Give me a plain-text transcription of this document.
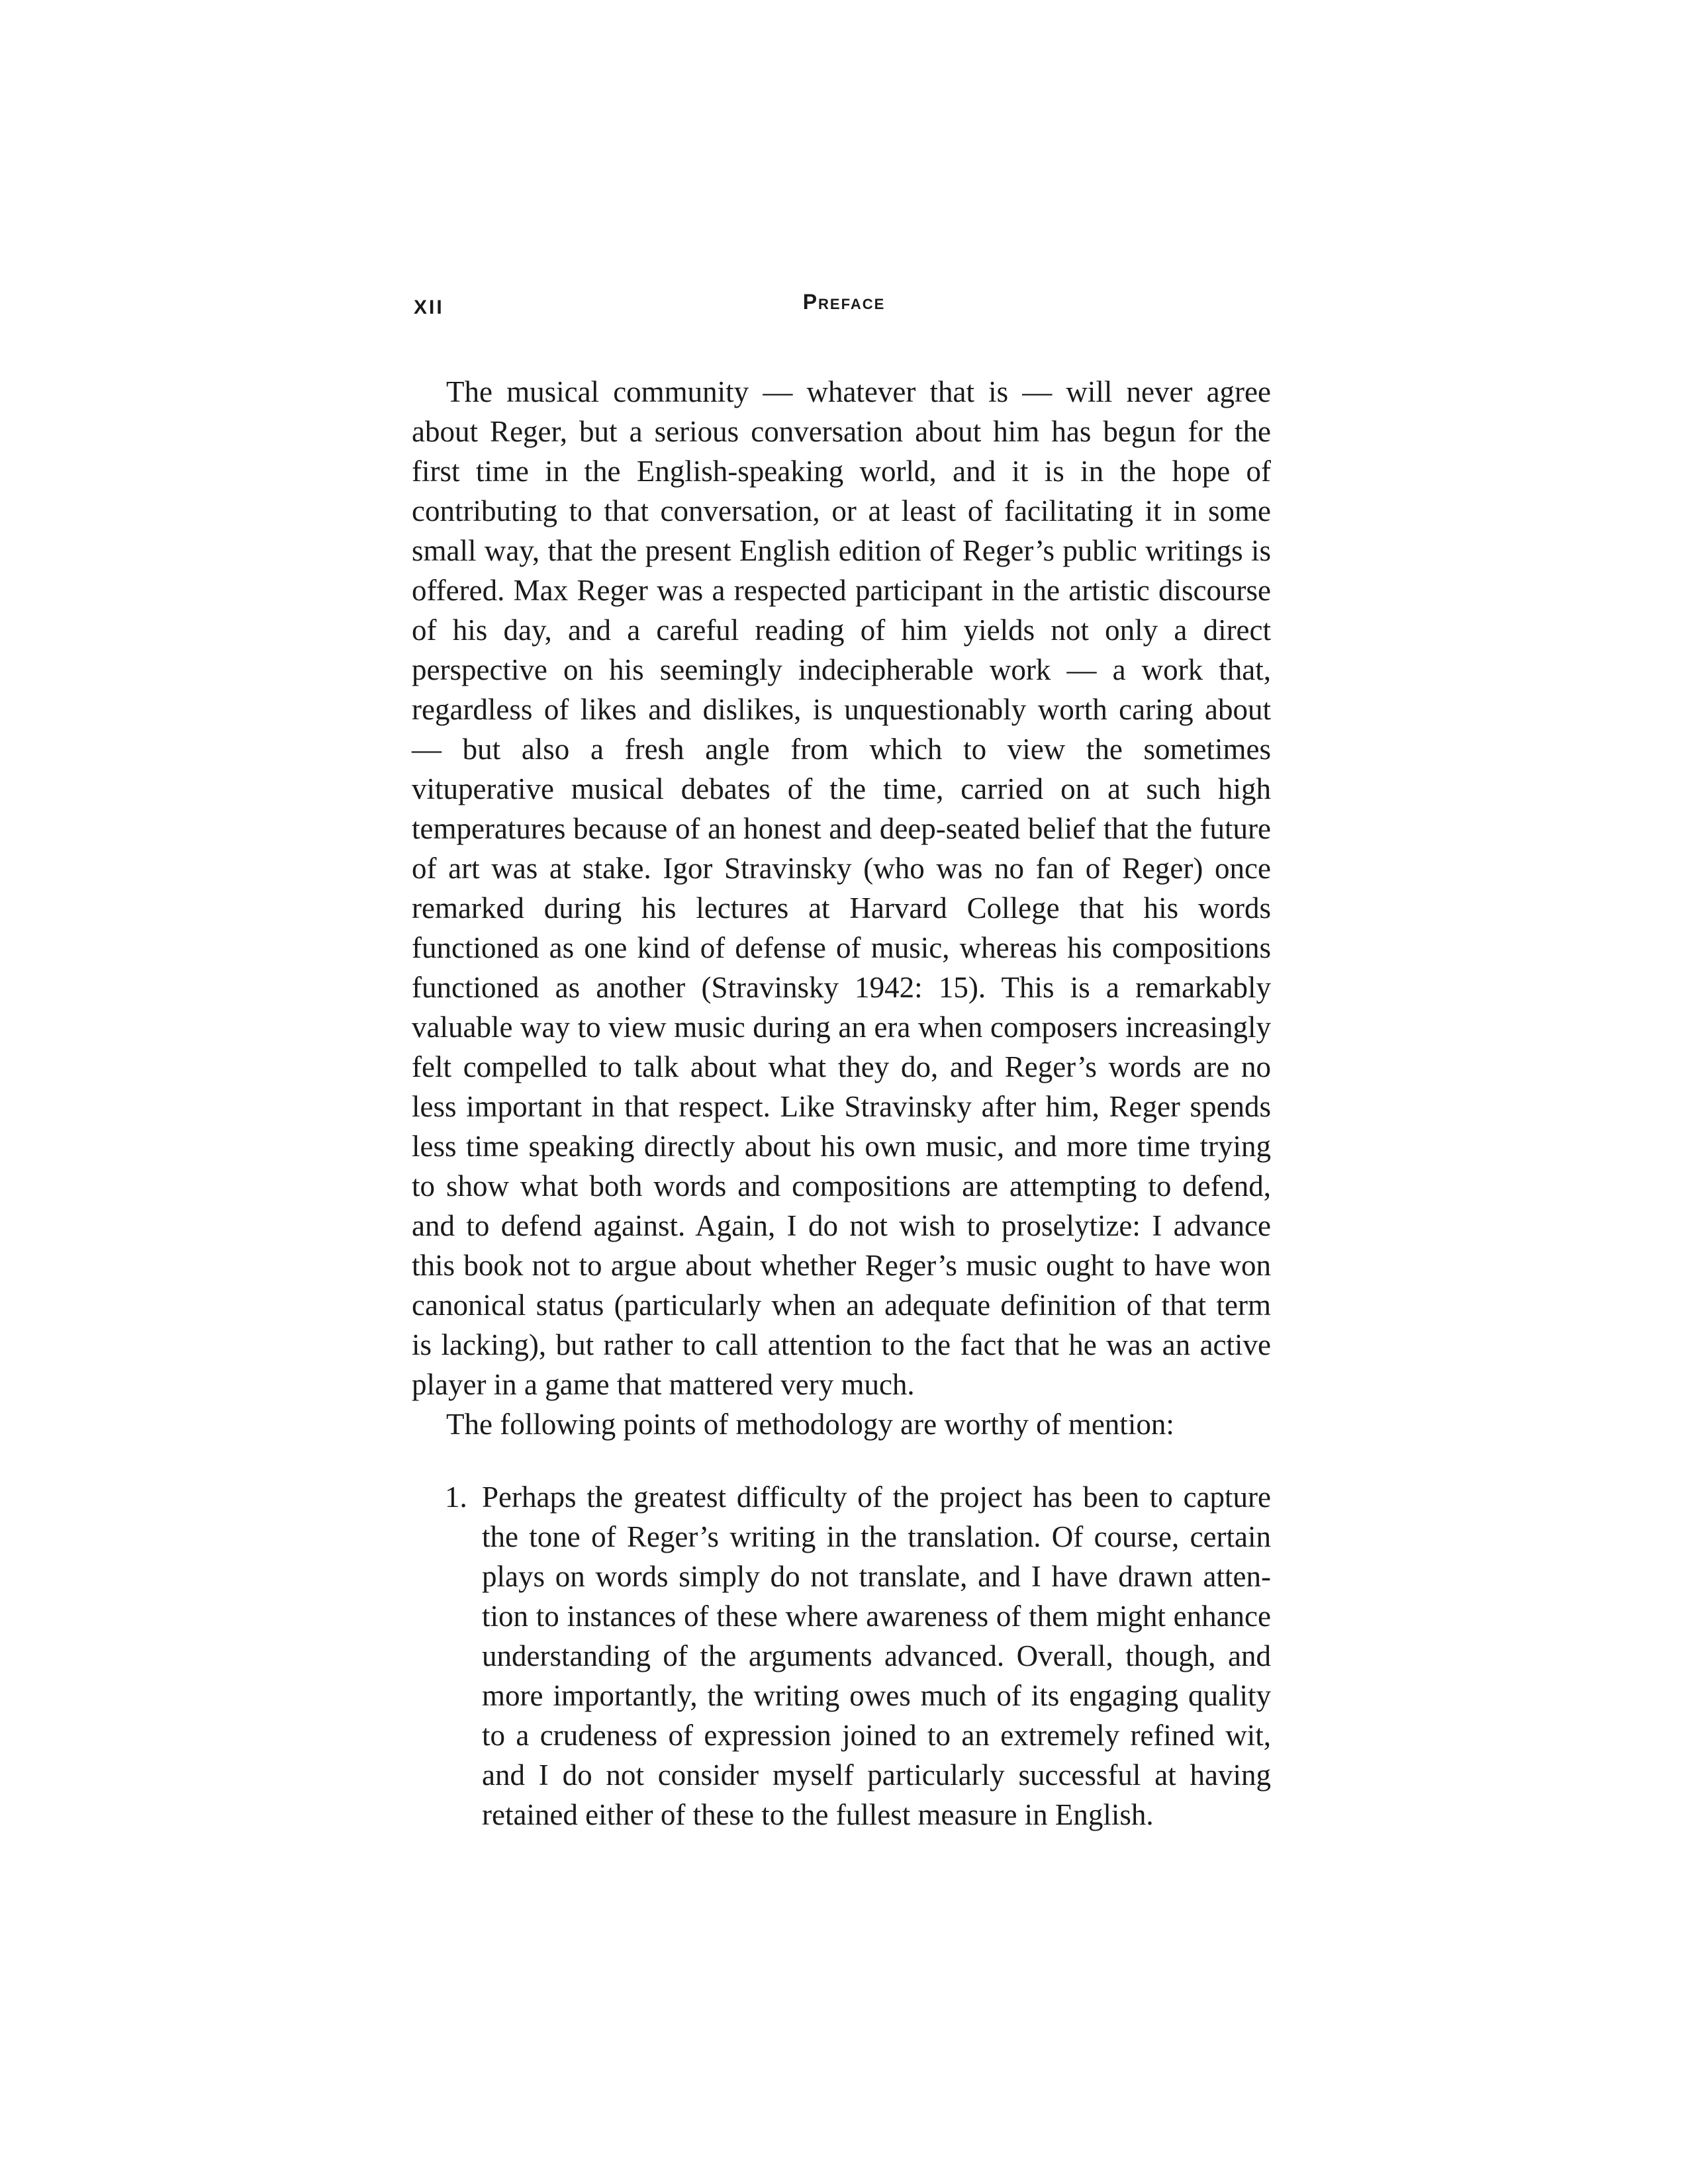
XII	Preface

The musical community — whatever that is — will never agree about Reger, but a serious conversation about him has begun for the first time in the English-speaking world, and it is in the hope of contributing to that conversation, or at least of facilitating it in some small way, that the present English edition of Reger’s public writings is offered. Max Reger was a respected participant in the artistic discourse of his day, and a careful reading of him yields not only a direct perspective on his seemingly indecipherable work — a work that, regardless of likes and dislikes, is unquestionably worth caring about — but also a fresh angle from which to view the sometimes vituperative musical debates of the time, carried on at such high temperatures because of an honest and deep-seated belief that the future of art was at stake. Igor Stravinsky (who was no fan of Reger) once remarked during his lectures at Harvard College that his words functioned as one kind of defense of music, whereas his compositions functioned as another (Stravinsky 1942: 15). This is a remarkably valuable way to view music during an era when composers increasingly felt compelled to talk about what they do, and Reger’s words are no less important in that respect. Like Stravinsky after him, Reger spends less time speaking directly about his own music, and more time trying to show what both words and compositions are attempting to defend, and to defend against. Again, I do not wish to proselytize: I advance this book not to argue about whether Reger’s music ought to have won canonical status (particularly when an adequate definition of that term is lacking), but rather to call attention to the fact that he was an active player in a game that mattered very much.

The following points of methodology are worthy of mention:

1. Perhaps the greatest difficulty of the project has been to capture the tone of Reger’s writing in the translation. Of course, certain plays on words simply do not translate, and I have drawn attention to instances of these where awareness of them might enhance understanding of the arguments advanced. Overall, though, and more importantly, the writing owes much of its engaging quality to a crudeness of expression joined to an extremely refined wit, and I do not consider myself particularly successful at having retained either of these to the fullest measure in English.
